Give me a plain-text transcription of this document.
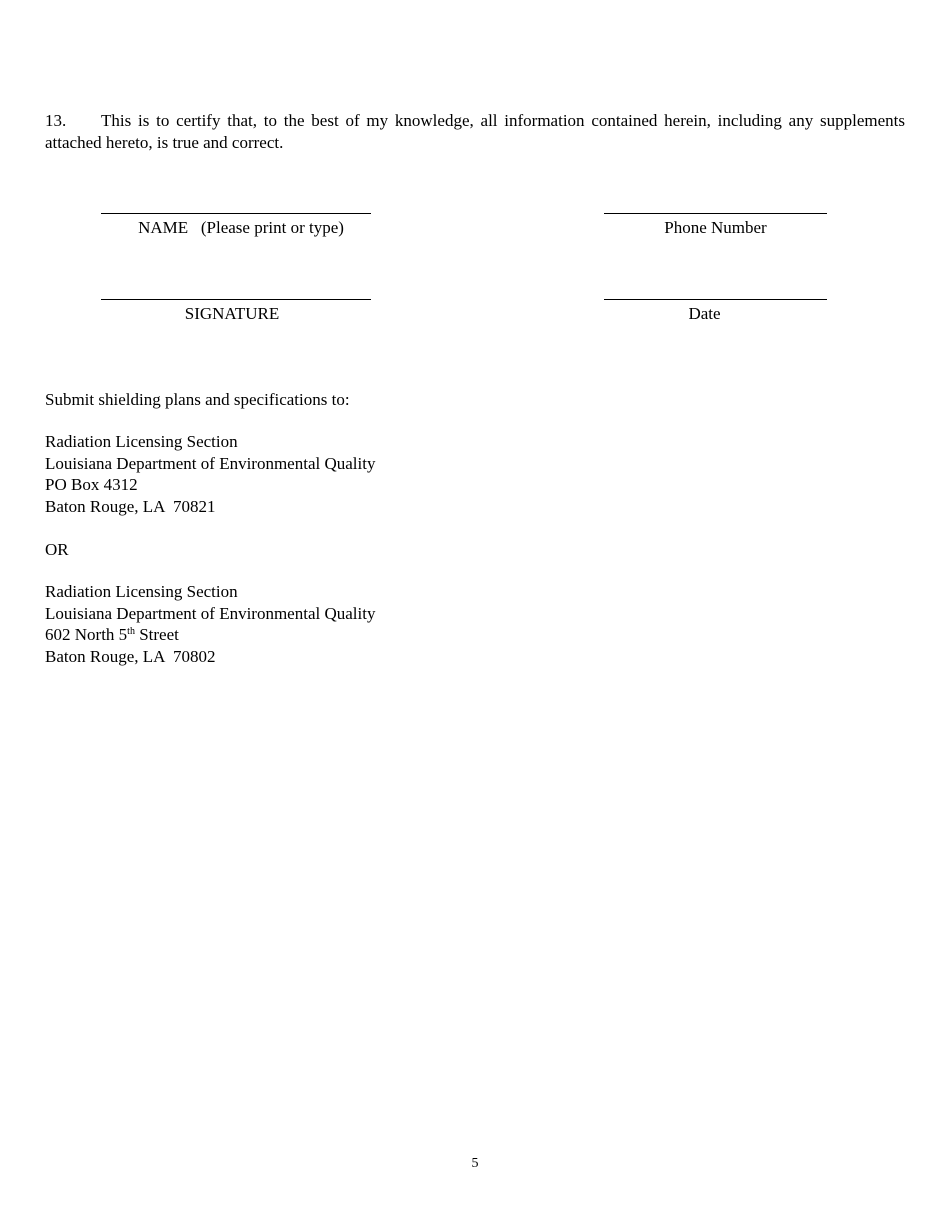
13. This is to certify that, to the best of my knowledge, all information contained herein, including any supplements attached hereto, is true and correct.
NAME   (Please print or type)	Phone Number
SIGNATURE	Date
Submit shielding plans and specifications to:
Radiation Licensing Section
Louisiana Department of Environmental Quality
PO Box 4312
Baton Rouge, LA  70821
OR
Radiation Licensing Section
Louisiana Department of Environmental Quality
602 North 5th Street
Baton Rouge, LA  70802
5
